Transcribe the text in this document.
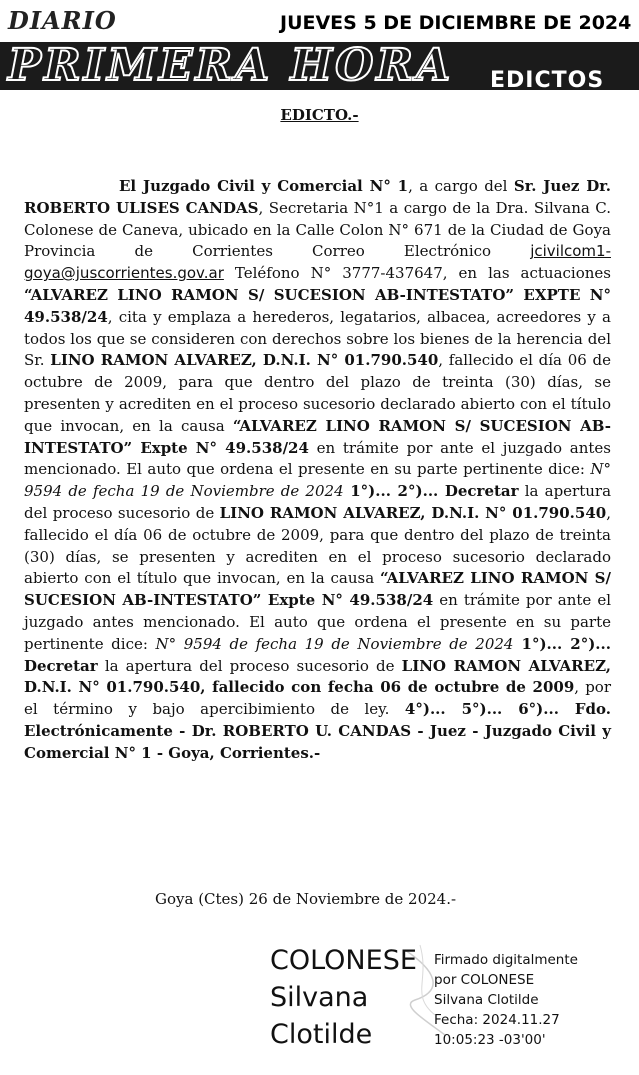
DIARIO	JUEVES 5 DE DICIEMBRE DE 2024
PRIMERA HORA EDICTOS
EDICTO.-
El Juzgado Civil y Comercial N° 1, a cargo del Sr. Juez Dr. ROBERTO ULISES CANDAS, Secretaria N°1 a cargo de la Dra. Silvana C. Colonese de Caneva, ubicado en la Calle Colon N° 671 de la Ciudad de Goya Provincia de Corrientes Correo Electrónico jcivilcom1-goya@juscorrientes.gov.ar Teléfono N° 3777-437647, en las actuaciones “ALVAREZ LINO RAMON S/ SUCESION AB-INTESTATO” EXPTE N° 49.538/24, cita y emplaza a herederos, legatarios, albacea, acreedores y a todos los que se consideren con derechos sobre los bienes de la herencia del Sr. LINO RAMON ALVAREZ, D.N.I. N° 01.790.540, fallecido el día 06 de octubre de 2009, para que dentro del plazo de treinta (30) días, se presenten y acrediten en el proceso sucesorio declarado abierto con el título que invocan, en la causa “ALVAREZ LINO RAMON S/ SUCESION AB-INTESTATO” Expte N° 49.538/24 en trámite por ante el juzgado antes mencionado. El auto que ordena el presente en su parte pertinente dice: N° 9594 de fecha 19 de Noviembre de 2024 1°)... 2°)... Decretar la apertura del proceso sucesorio de LINO RAMON ALVAREZ, D.N.I. N° 01.790.540, fallecido el día 06 de octubre de 2009, para que dentro del plazo de treinta (30) días, se presenten y acrediten en el proceso sucesorio declarado abierto con el título que invocan, en la causa “ALVAREZ LINO RAMON S/ SUCESION AB-INTESTATO” Expte N° 49.538/24 en trámite por ante el juzgado antes mencionado. El auto que ordena el presente en su parte pertinente dice: N° 9594 de fecha 19 de Noviembre de 2024 1°)... 2°)... Decretar la apertura del proceso sucesorio de LINO RAMON ALVAREZ, D.N.I. N° 01.790.540, fallecido con fecha 06 de octubre de 2009, por el término y bajo apercibimiento de ley. 4°)... 5°)... 6°)... Fdo. Electrónicamente - Dr. ROBERTO U. CANDAS - Juez - Juzgado Civil y Comercial N° 1 - Goya, Corrientes.-
Goya (Ctes) 26 de Noviembre de 2024.-
COLONESE
Silvana
Clotilde
Firmado digitalmente
por COLONESE
Silvana Clotilde
Fecha: 2024.11.27
10:05:23 -03'00'
